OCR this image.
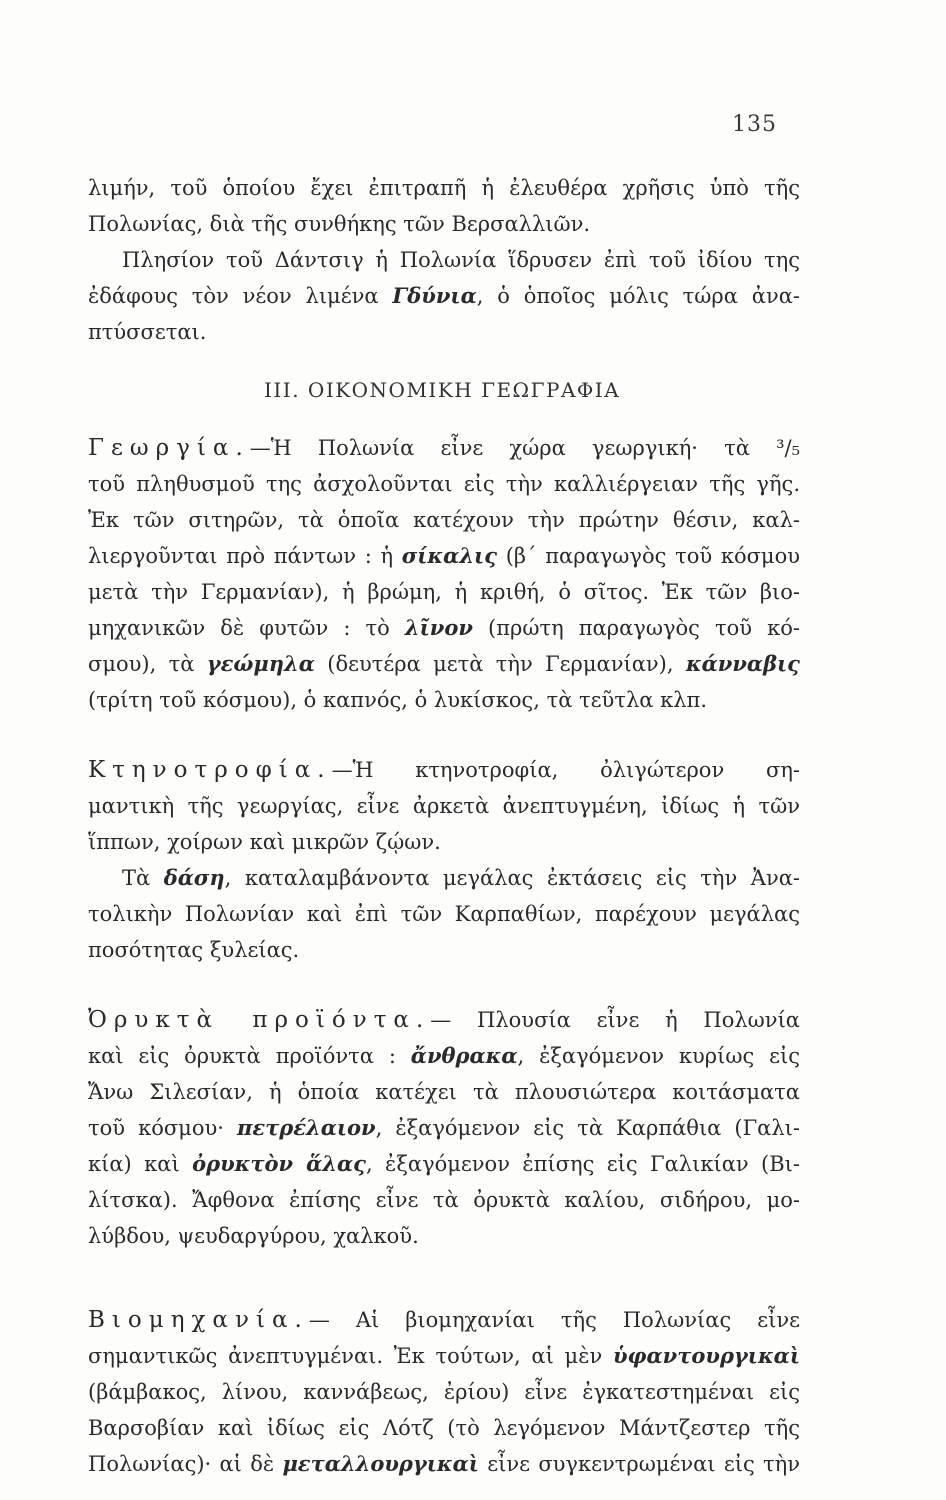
135
λιμήν, τοῦ ὁποίου ἔχει ἐπιτραπῆ ἡ ἐλευθέρα χρῆσις ὑπὸ τῆς
Πολωνίας, διὰ τῆς συνθήκης τῶν Βερσαλλιῶν.
Πλησίον τοῦ Δάντσιγ ἡ Πολωνία ἵδρυσεν ἐπὶ τοῦ ἰδίου της
ἐδάφους τὸν νέον λιμένα Γδύνια, ὁ ὁποῖος μόλις τώρα ἀνα-
πτύσσεται.
III. ΟΙΚΟΝΟΜΙΚΗ ΓΕΩΓΡΑΦΙΑ
Γεωργία.—Ἡ Πολωνία εἶνε χώρα γεωργική· τὰ ³/₅
τοῦ πληθυσμοῦ της ἀσχολοῦνται εἰς τὴν καλλιέργειαν τῆς γῆς.
Ἐκ τῶν σιτηρῶν, τὰ ὁποῖα κατέχουν τὴν πρώτην θέσιν, καλ-
λιεργοῦνται πρὸ πάντων : ἡ σίκαλις (β΄ παραγωγὸς τοῦ κόσμου
μετὰ τὴν Γερμανίαν), ἡ βρώμη, ἡ κριθή, ὁ σῖτος. Ἐκ τῶν βιο-
μηχανικῶν δὲ φυτῶν : τὸ λῖνον (πρώτη παραγωγὸς τοῦ κό-
σμου), τὰ γεώμηλα (δευτέρα μετὰ τὴν Γερμανίαν), κάνναβις
(τρίτη τοῦ κόσμου), ὁ καπνός, ὁ λυκίσκος, τὰ τεῦτλα κλπ.
Κτηνοτροφία.—Ἡ κτηνοτροφία, ὀλιγώτερον ση-
μαντικὴ τῆς γεωργίας, εἶνε ἀρκετὰ ἀνεπτυγμένη, ἰδίως ἡ τῶν
ἵππων, χοίρων καὶ μικρῶν ζῴων.
Τὰ δάση, καταλαμβάνοντα μεγάλας ἐκτάσεις εἰς τὴν Ἀνα-
τολικὴν Πολωνίαν καὶ ἐπὶ τῶν Καρπαθίων, παρέχουν μεγάλας
ποσότητας ξυλείας.
Ὀρυκτὰ προϊόντα.— Πλουσία εἶνε ἡ Πολωνία
καὶ εἰς ὀρυκτὰ προϊόντα : ἄνθρακα, ἐξαγόμενον κυρίως εἰς
Ἄνω Σιλεσίαν, ἡ ὁποία κατέχει τὰ πλουσιώτερα κοιτάσματα
τοῦ κόσμου· πετρέλαιον, ἐξαγόμενον εἰς τὰ Καρπάθια (Γαλι-
κία) καὶ ὀρυκτὸν ἅλας, ἐξαγόμενον ἐπίσης εἰς Γαλικίαν (Βι-
λίτσκα). Ἄφθονα ἐπίσης εἶνε τὰ ὀρυκτὰ καλίου, σιδήρου, μο-
λύβδου, ψευδαργύρου, χαλκοῦ.
Βιομηχανία.— Αἱ βιομηχανίαι τῆς Πολωνίας εἶνε
σημαντικῶς ἀνεπτυγμέναι. Ἐκ τούτων, αἱ μὲν ὑφαντουργικαὶ
(βάμβακος, λίνου, καννάβεως, ἐρίου) εἶνε ἐγκατεστημέναι εἰς
Βαρσοβίαν καὶ ἰδίως εἰς Λότζ (τὸ λεγόμενον Μάντζεστερ τῆς
Πολωνίας)· αἱ δὲ μεταλλουργικαὶ εἶνε συγκεντρωμέναι εἰς τὴν
